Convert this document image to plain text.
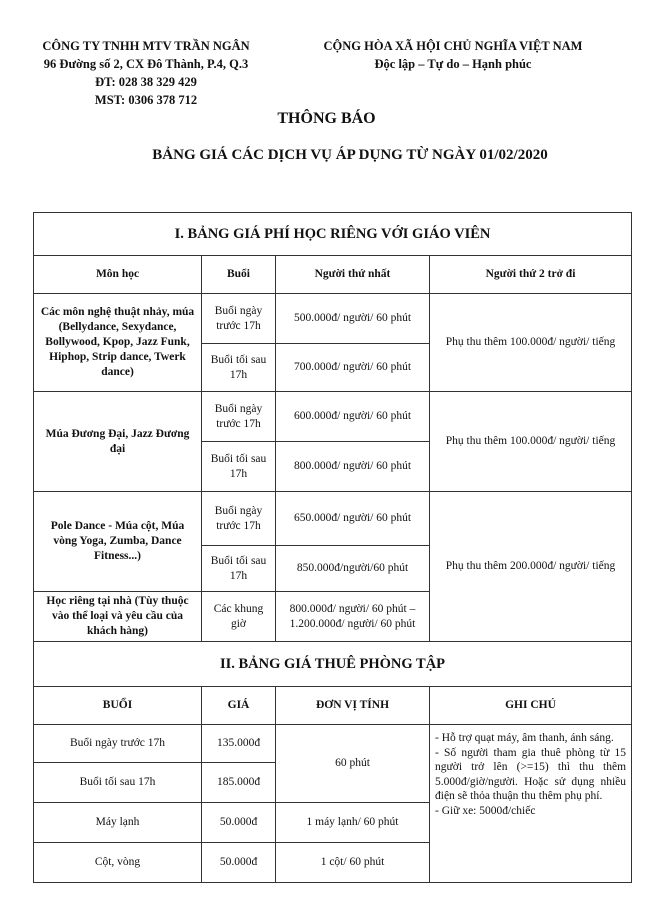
CÔNG TY TNHH MTV TRẦN NGÂN
96 Đường số 2, CX Đô Thành, P.4, Q.3
ĐT: 028 38 329 429
MST: 0306 378 712
CỘNG HÒA XÃ HỘI CHỦ NGHĨA VIỆT NAM
Độc lập – Tự do – Hạnh phúc
THÔNG BÁO
BẢNG GIÁ CÁC DỊCH VỤ ÁP DỤNG TỪ NGÀY 01/02/2020
I. BẢNG GIÁ PHÍ HỌC RIÊNG VỚI GIÁO VIÊN			
Môn học	Buổi	Người thứ nhất	Người thứ 2 trở đi
Các môn nghệ thuật nhảy, múa (Bellydance, Sexydance, Bollywood, Kpop, Jazz Funk, Hiphop, Strip dance, Twerk dance)	Buổi ngày trước 17h	500.000đ/ người/ 60 phút	Phụ thu thêm 100.000đ/ người/ tiếng
	Buổi tối sau 17h	700.000đ/ người/ 60 phút	
Múa Đương Đại, Jazz Đương đại	Buổi ngày trước 17h	600.000đ/ người/ 60 phút	Phụ thu thêm 100.000đ/ người/ tiếng
	Buổi tối sau 17h	800.000đ/ người/ 60 phút	
Pole Dance - Múa cột, Múa vòng Yoga, Zumba, Dance Fitness...)	Buổi ngày trước 17h	650.000đ/ người/ 60 phút	Phụ thu thêm 200.000đ/ người/ tiếng
	Buổi tối sau 17h	850.000đ/người/60 phút	
Học riêng tại nhà (Tùy thuộc vào thể loại và yêu cầu của khách hàng)	Các khung giờ	800.000đ/ người/ 60 phút – 1.200.000đ/ người/ 60 phút	
II. BẢNG GIÁ THUÊ PHÒNG TẬP			
BUỔI	GIÁ	ĐƠN VỊ TÍNH	GHI CHÚ
Buổi ngày trước 17h	135.000đ	60 phút	- Hỗ trợ quạt máy, âm thanh, ánh sáng.
- Số người tham gia thuê phòng từ 15 người trở lên (>=15) thì thu thêm 5.000đ/giờ/người. Hoặc sử dụng nhiều điện sẽ thỏa thuận thu thêm phụ phí.
- Giữ xe: 5000đ/chiếc

Buổi tối sau 17h	185.000đ		
Máy lạnh	50.000đ	1 máy lạnh/ 60 phút	
Cột, vòng	50.000đ	1 cột/ 60 phút	
